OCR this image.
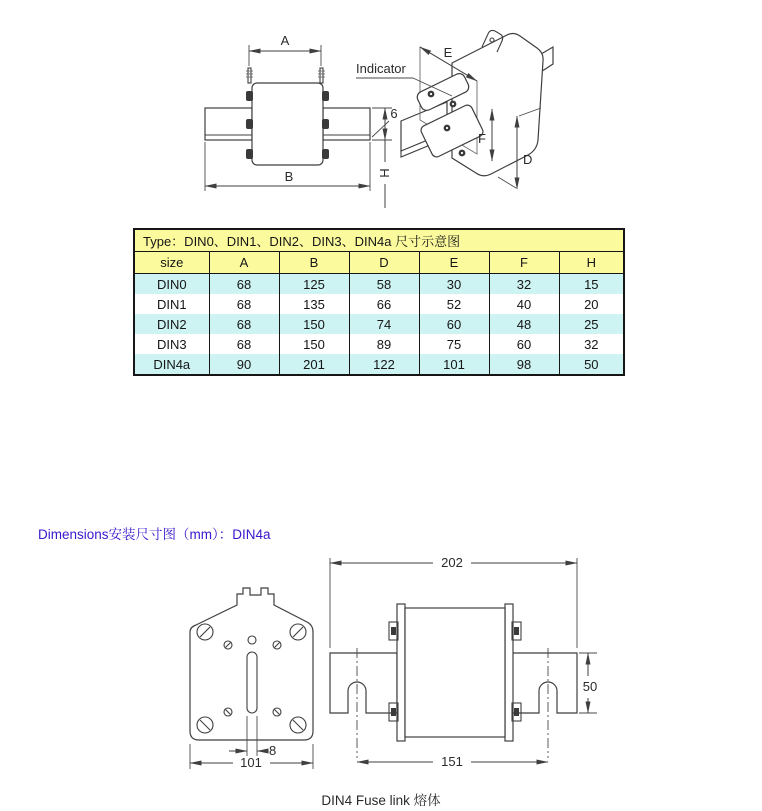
A
B	H
6
E
F
D
Indicator
Type：DIN0、DIN1、DIN2、DIN3、DIN4a 尺寸示意图						
size	A	B	D	E	F	H
DIN0	68	125	58	30	32	15
DIN1	68	135	66	52	40	20
DIN2	68	150	74	60	48	25
DIN3	68	150	89	75	60	32
DIN4a	90	201	122	101	98	50
Dimensions安装尺寸图（mm）：DIN4a
8
101
202
151
50
DIN4 Fuse link 熔体
